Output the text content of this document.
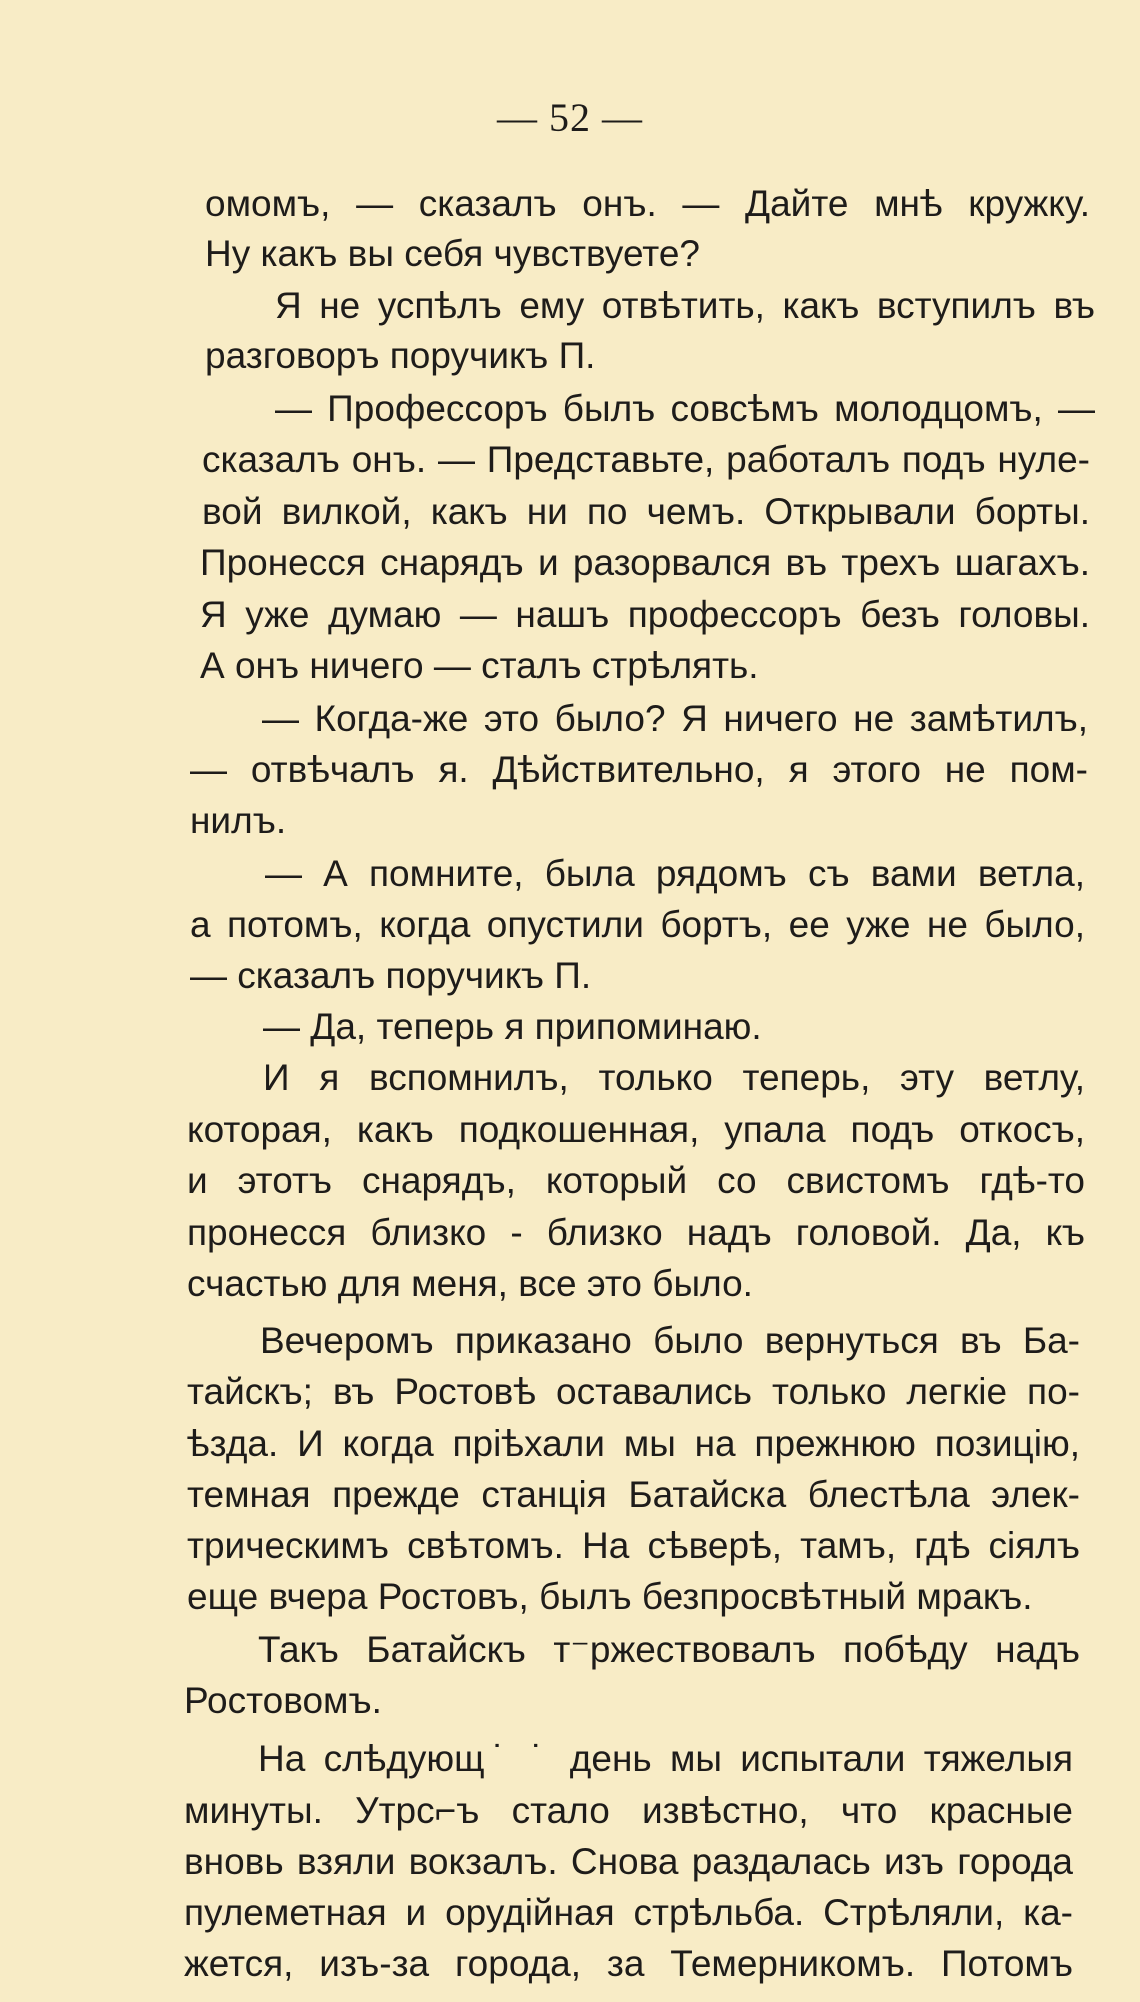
— 52 —
омомъ, — сказалъ онъ. — Дайте мнѣ кружку.
Ну какъ вы себя чувствуете?
Я не успѣлъ ему отвѣтить, какъ вступилъ въ
разговоръ поручикъ П.
— Профессоръ былъ совсѣмъ молодцомъ, —
сказалъ онъ. — Представьте, работалъ подъ нуле-
вой вилкой, какъ ни по чемъ. Открывали борты.
Пронесся снарядъ и разорвался въ трехъ шагахъ.
Я уже думаю — нашъ профессоръ безъ головы.
А онъ ничего — сталъ стрѣлять.
— Когда-же это было? Я ничего не замѣтилъ,
— отвѣчалъ я. Дѣйствительно, я этого не пом-
нилъ.
— А помните, была рядомъ съ вами ветла,
а потомъ, когда опустили бортъ, ее уже не было,
— сказалъ поручикъ П.
— Да, теперь я припоминаю.
И я вспомнилъ, только теперь, эту ветлу,
которая, какъ подкошенная, упала подъ откосъ,
и этотъ снарядъ, который со свистомъ гдѣ-то
пронесся близко - близко надъ головой. Да, къ
счастью для меня, все это было.
Вечеромъ приказано было вернуться въ Ба-
тайскъ; въ Ростовѣ оставались только легкіе по-
ѣзда. И когда пріѣхали мы на прежнюю позицію,
темная прежде станція Батайска блестѣла элек-
трическимъ свѣтомъ. На сѣверѣ, тамъ, гдѣ сіялъ
еще вчера Ростовъ, былъ безпросвѣтный мракъ.
Такъ Батайскъ т⁻ржествовалъ побѣду надъ
Ростовомъ.
На слѣдующ˙ ˙ день мы испытали тяжелыя
минуты. Утрс⌐ъ стало извѣстно, что красные
вновь взяли вокзалъ. Снова раздалась изъ города
пулеметная и орудійная стрѣльба. Стрѣляли, ка-
жется, изъ-за города, за Темерникомъ. Потомъ
